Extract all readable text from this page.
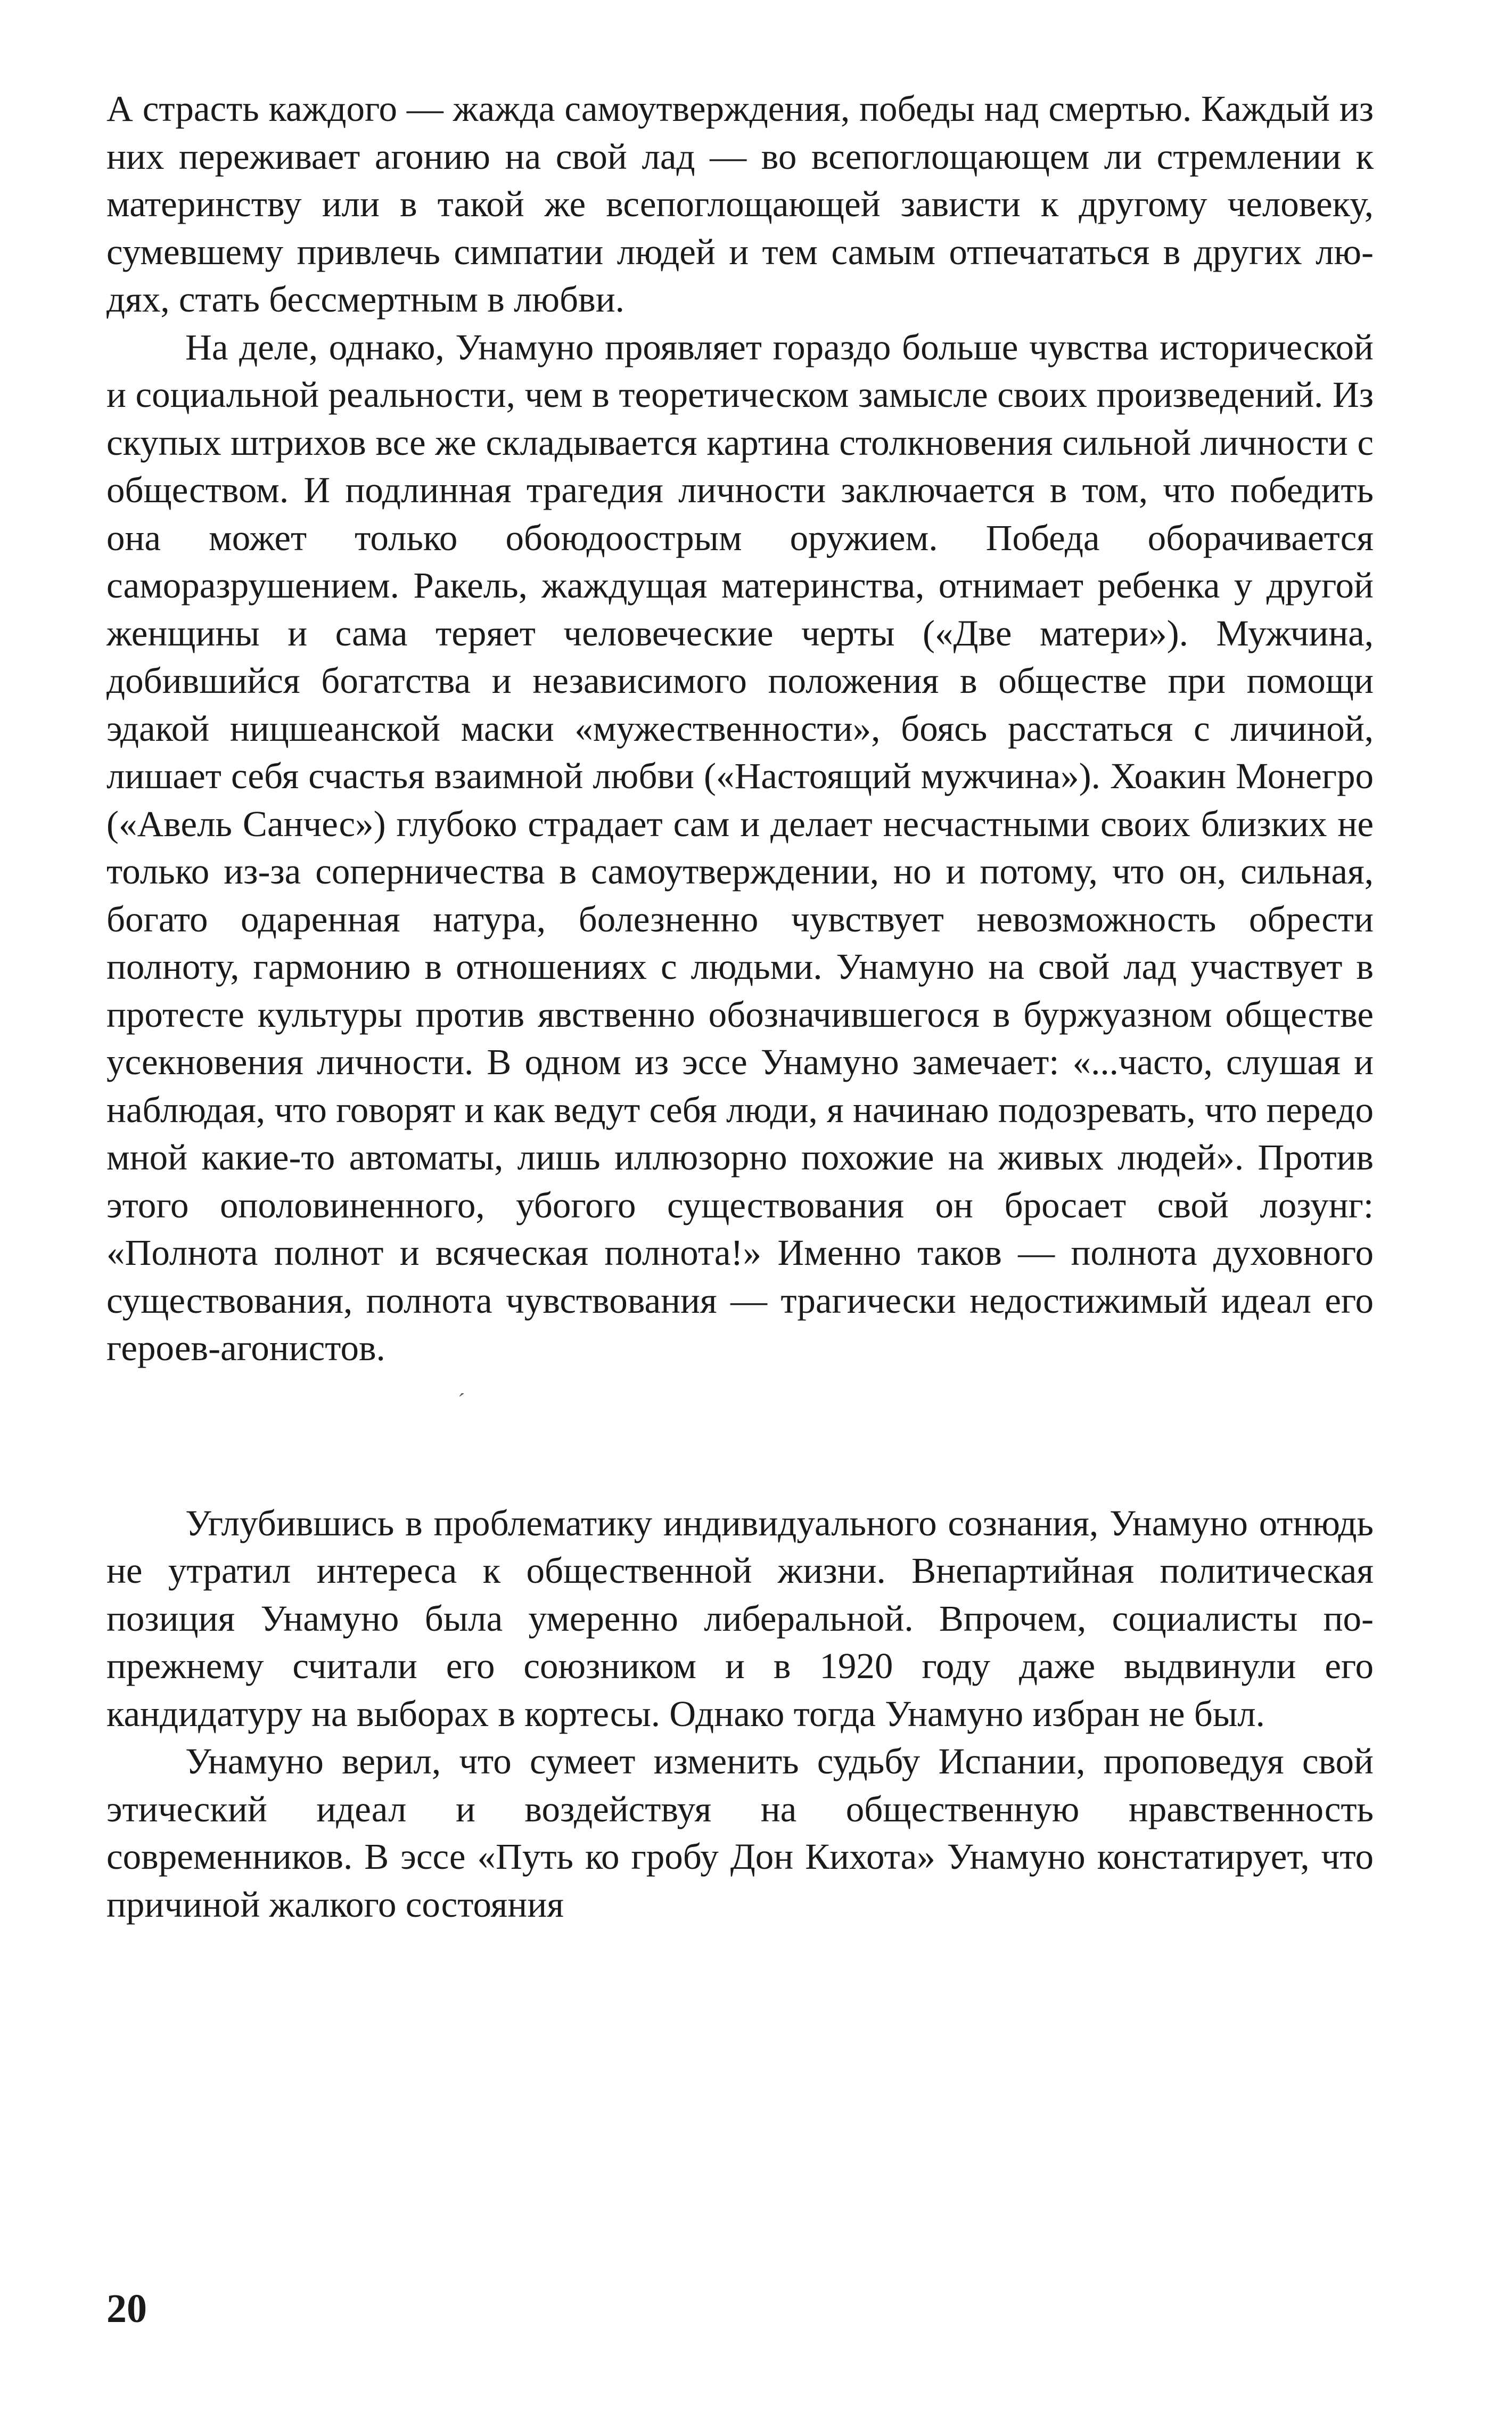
А страсть каждого — жажда самоутверждения, победы над смертью. Каждый из них переживает агонию на свой лад — во всепоглощающем ли стремлении к материнству или в такой же всепоглощающей зависти к другому человеку, сумевшему привлечь симпатии людей и тем самым отпечататься в других людях, стать бессмертным в любви.

На деле, однако, Унамуно проявляет гораздо больше чувства исторической и социальной реальности, чем в теоретическом замысле своих произведений. Из скупых штрихов все же складывается картина столкновения сильной личности с обществом. И подлинная трагедия личности заключается в том, что победить она может только обоюдоострым оружием. Победа оборачивается саморазрушением. Ракель, жаждущая материнства, отнимает ребенка у другой женщины и сама теряет человеческие черты («Две матери»). Мужчина, добившийся богатства и независимого положения в обществе при помощи эдакой ницшеанской маски «мужественности», боясь расстаться с личиной, лишает себя счастья взаимной любви («Настоящий мужчина»). Хоакин Монегро («Авель Санчес») глубоко страдает сам и делает несчастными своих близких не только из-за соперничества в самоутверждении, но и потому, что он, сильная, богато одаренная натура, болезненно чувствует невозможность обрести полноту, гармонию в отношениях с людьми. Унамуно на свой лад участвует в протесте культуры против явственно обозначившегося в буржуазном обществе усекновения личности. В одном из эссе Унамуно замечает: «...часто, слушая и наблюдая, что говорят и как ведут себя люди, я начинаю подозревать, что передо мной какие-то автоматы, лишь иллюзорно похожие на живых людей». Против этого ополовиненного, убогого существования он бросает свой лозунг: «Полнота полнот и всяческая полнота!» Именно таков — полнота духовного существования, полнота чувствования — трагически недостижимый идеал его героев-агонистов.

´

Углубившись в проблематику индивидуального сознания, Унамуно отнюдь не утратил интереса к общественной жизни. Внепартийная политическая позиция Унамуно была умеренно либеральной. Впрочем, социалисты по-прежнему считали его союзником и в 1920 году даже выдвинули его кандидатуру на выборах в кортесы. Однако тогда Унамуно избран не был.

Унамуно верил, что сумеет изменить судьбу Испании, проповедуя свой этический идеал и воздействуя на общественную нравственность современников. В эссе «Путь ко гробу Дон Кихота» Унамуно констатирует, что причиной жалкого состояния

20
